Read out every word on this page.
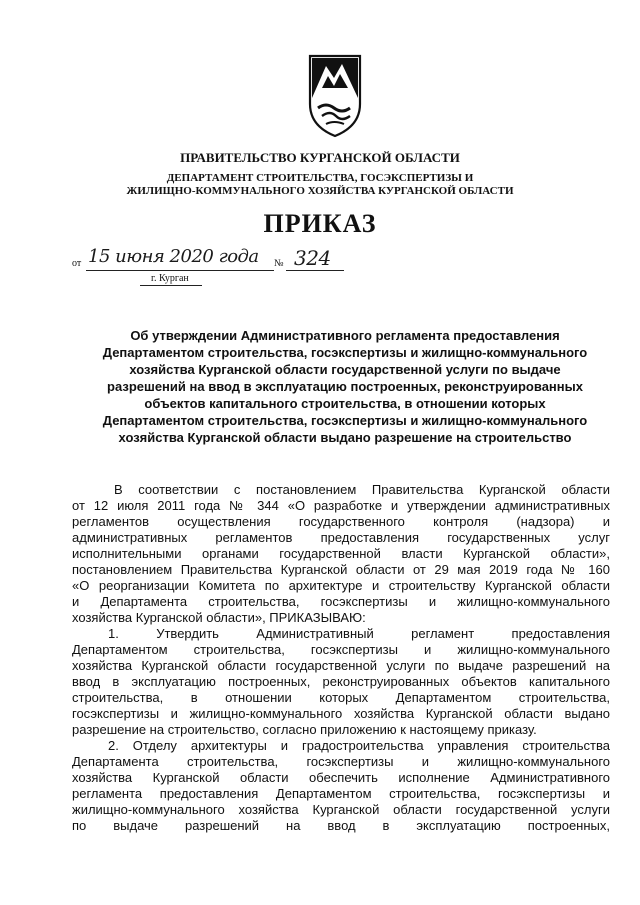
ПРАВИТЕЛЬСТВО КУРГАНСКОЙ ОБЛАСТИ
ДЕПАРТАМЕНТ СТРОИТЕЛЬСТВА, ГОСЭКСПЕРТИЗЫ И
ЖИЛИЩНО-КОММУНАЛЬНОГО ХОЗЯЙСТВА КУРГАНСКОЙ ОБЛАСТИ
ПРИКАЗ
от 15 июня 2020 года № 324
г. Курган
Об утверждении Административного регламента предоставления
Департаментом строительства, госэкспертизы и жилищно-коммунального
хозяйства Курганской области государственной услуги по выдаче
разрешений на ввод в эксплуатацию построенных, реконструированных
объектов капитального строительства, в отношении которых
Департаментом строительства, госэкспертизы и жилищно-коммунального
хозяйства Курганской области выдано разрешение на строительство
В соответствии с постановлением Правительства Курганской области
от 12 июля 2011 года № 344 «О разработке и утверждении административных
регламентов осуществления государственного контроля (надзора) и
административных регламентов предоставления государственных услуг
исполнительными органами государственной власти Курганской области»,
постановлением Правительства Курганской области от 29 мая 2019 года № 160
«О реорганизации Комитета по архитектуре и строительству Курганской области
и Департамента строительства, госэкспертизы и жилищно-коммунального
хозяйства Курганской области», ПРИКАЗЫВАЮ:
1. Утвердить Административный регламент предоставления
Департаментом строительства, госэкспертизы и жилищно-коммунального
хозяйства Курганской области государственной услуги по выдаче разрешений на
ввод в эксплуатацию построенных, реконструированных объектов капитального
строительства, в отношении которых Департаментом строительства,
госэкспертизы и жилищно-коммунального хозяйства Курганской области выдано
разрешение на строительство, согласно приложению к настоящему приказу.
2. Отделу архитектуры и градостроительства управления строительства
Департамента строительства, госэкспертизы и жилищно-коммунального
хозяйства Курганской области обеспечить исполнение Административного
регламента предоставления Департаментом строительства, госэкспертизы и
жилищно-коммунального хозяйства Курганской области государственной услуги
по выдаче разрешений на ввод в эксплуатацию построенных,
